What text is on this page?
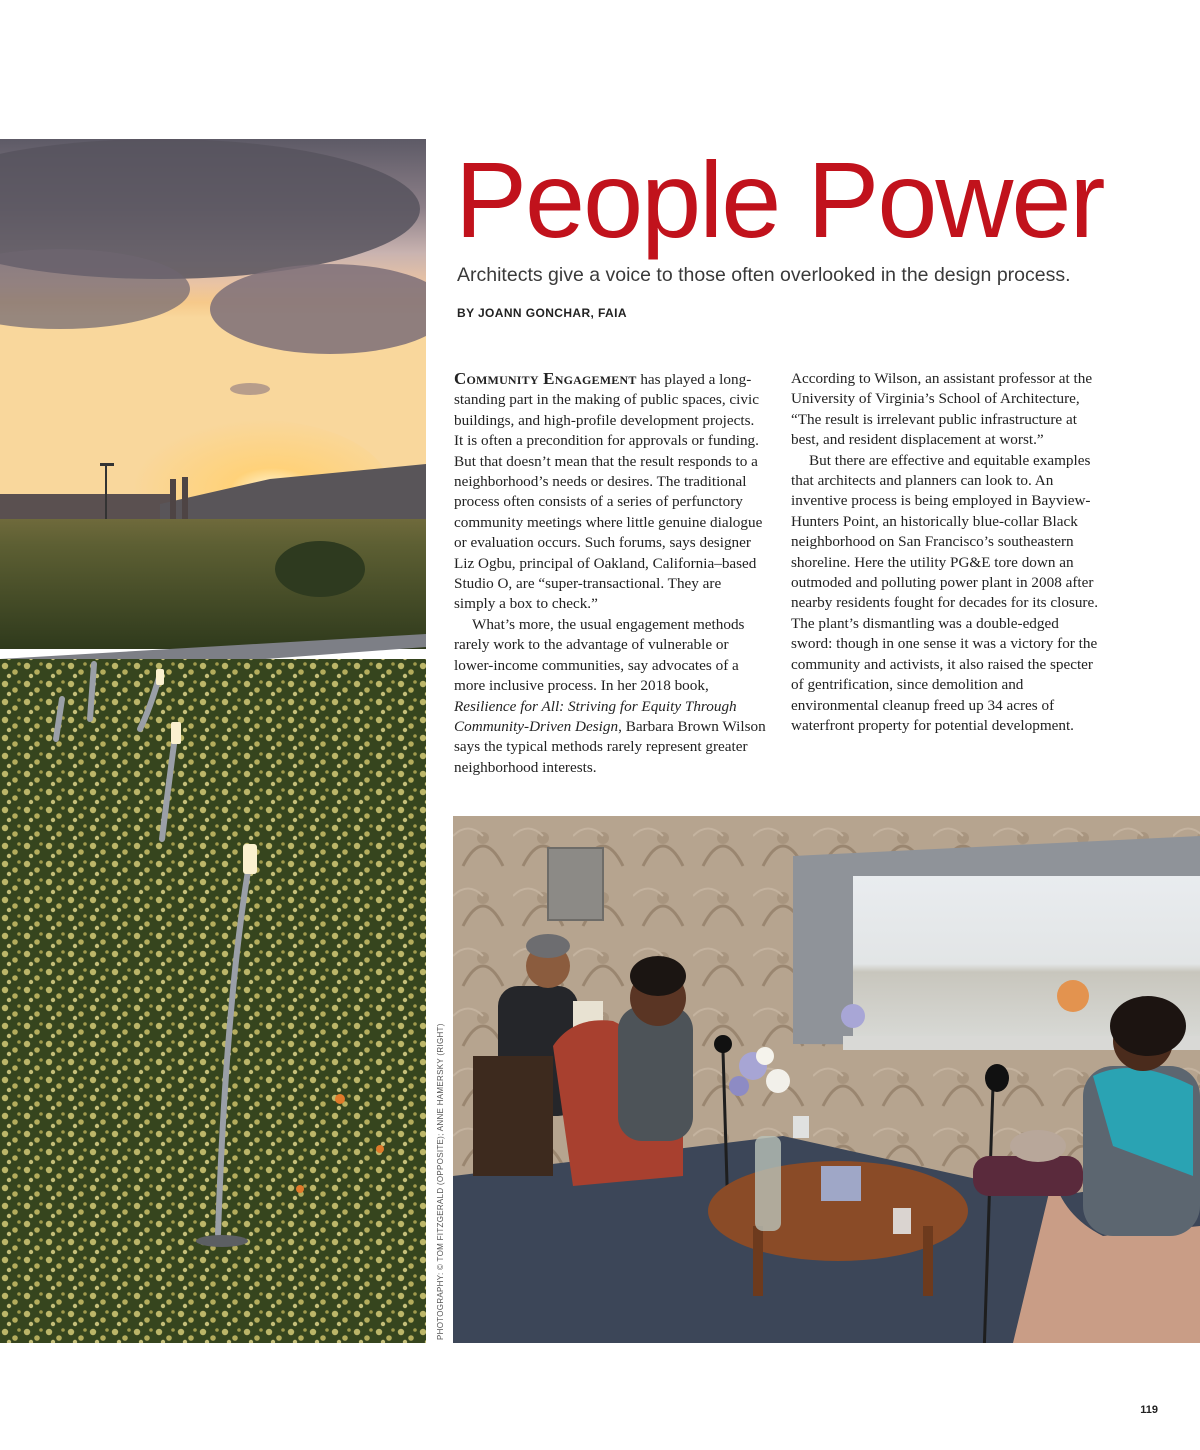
People Power

Architects give a voice to those often overlooked in the design process.

BY JOANN GONCHAR, FAIA

Community Engagement has played a long-standing part in the making of public spaces, civic buildings, and high-profile development projects. It is often a precondition for approvals or funding. But that doesn’t mean that the result responds to a neighborhood’s needs or desires. The traditional process often consists of a series of perfunctory community meetings where little genuine dialogue or evaluation occurs. Such forums, says designer Liz Ogbu, principal of Oakland, California–based Studio O, are “super-transactional. They are simply a box to check.”

What’s more, the usual engagement methods rarely work to the advantage of vulnerable or lower-income communities, say advocates of a more inclusive process. In her 2018 book, Resilience for All: Striving for Equity Through Community-Driven Design, Barbara Brown Wilson says the typical methods rarely represent greater neighborhood interests.

According to Wilson, an assistant professor at the University of Virginia’s School of Architecture, “The result is irrelevant public infrastructure at best, and resident displacement at worst.”

But there are effective and equitable examples that architects and planners can look to. An inventive process is being employed in Bayview-Hunters Point, an historically blue-collar Black neighborhood on San Francisco’s southeastern shoreline. Here the utility PG&E tore down an outmoded and polluting power plant in 2008 after nearby residents fought for decades for its closure. The plant’s dismantling was a double-edged sword: though in one sense it was a victory for the community and activists, it also raised the specter of gentrification, since demolition and environmental cleanup freed up 34 acres of waterfront property for potential development.

PHOTOGRAPHY: © TOM FITZGERALD (OPPOSITE); ANNE HAMERSKY (RIGHT)
119
